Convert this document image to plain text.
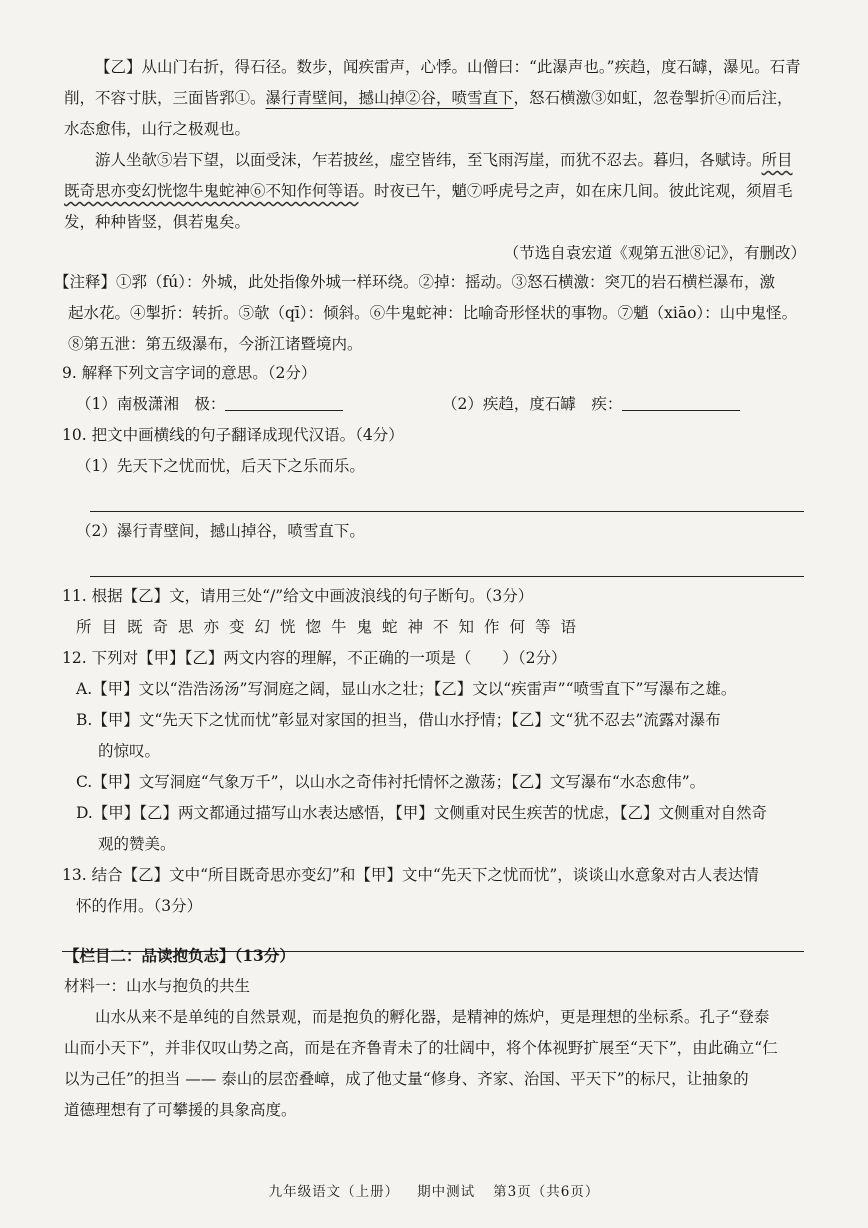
【乙】从山门右折，得石径。数步，闻疾雷声，心悸。山僧曰：“此瀑声也。”疾趋，度石罅，瀑见。石青削，不容寸肤，三面皆郛①。瀑行青壁间，撼山掉②谷，喷雪直下，怒石横激③如虹，忽卷掣折④而后注，水态愈伟，山行之极观也。

游人坐欹⑤岩下望，以面受沫，乍若披丝，虚空皆纬，至飞雨泻崖，而犹不忍去。暮归，各赋诗。所目既奇思亦变幻恍惚牛鬼蛇神⑥不知作何等语。时夜已午，魈⑦呼虎号之声，如在床几间。彼此诧观，须眉毛发，种种皆竖，俱若鬼矣。

（节选自袁宏道《观第五泄⑧记》，有删改）

【注释】①郛（fú）：外城，此处指像外城一样环绕。②掉：摇动。③怒石横激：突兀的岩石横栏瀑布，激

起水花。④掣折：转折。⑤欹（qī）：倾斜。⑥牛鬼蛇神：比喻奇形怪状的事物。⑦魈（xiāo）：山中鬼怪。

⑧第五泄：第五级瀑布，今浙江诸暨境内。

9. 解释下列文言字词的意思。（2分）

（1）南极潇湘　极：	（2）疾趋，度石罅　疾：

10. 把文中画横线的句子翻译成现代汉语。（4分）

（1）先天下之忧而忧，后天下之乐而乐。

（2）瀑行青壁间，撼山掉谷，喷雪直下。

11. 根据【乙】文，请用三处“/”给文中画波浪线的句子断句。（3分）

所目既奇思亦变幻恍惚牛鬼蛇神不知作何等语

12. 下列对【甲】【乙】两文内容的理解，不正确的一项是（　　）（2分）

A.【甲】文以“浩浩汤汤”写洞庭之阔，显山水之壮；【乙】文以“疾雷声”“喷雪直下”写瀑布之雄。

B.【甲】文“先天下之忧而忧”彰显对家国的担当，借山水抒情；【乙】文“犹不忍去”流露对瀑布

的惊叹。

C.【甲】文写洞庭“气象万千”，以山水之奇伟衬托情怀之激荡；【乙】文写瀑布“水态愈伟”。

D.【甲】【乙】两文都通过描写山水表达感悟，【甲】文侧重对民生疾苦的忧虑，【乙】文侧重对自然奇

观的赞美。

13. 结合【乙】文中“所目既奇思亦变幻”和【甲】文中“先天下之忧而忧”，谈谈山水意象对古人表达情

怀的作用。（3分）

【栏目二：品读抱负志】（13分）

材料一：山水与抱负的共生

山水从来不是单纯的自然景观，而是抱负的孵化器，是精神的炼炉，更是理想的坐标系。孔子“登泰

山而小天下”，并非仅叹山势之高，而是在齐鲁青未了的壮阔中，将个体视野扩展至“天下”，由此确立“仁

以为己任”的担当 —— 泰山的层峦叠嶂，成了他丈量“修身、齐家、治国、平天下”的标尺，让抽象的

道德理想有了可攀援的具象高度。

九年级语文（上册） 期中测试 第3页（共6页）
